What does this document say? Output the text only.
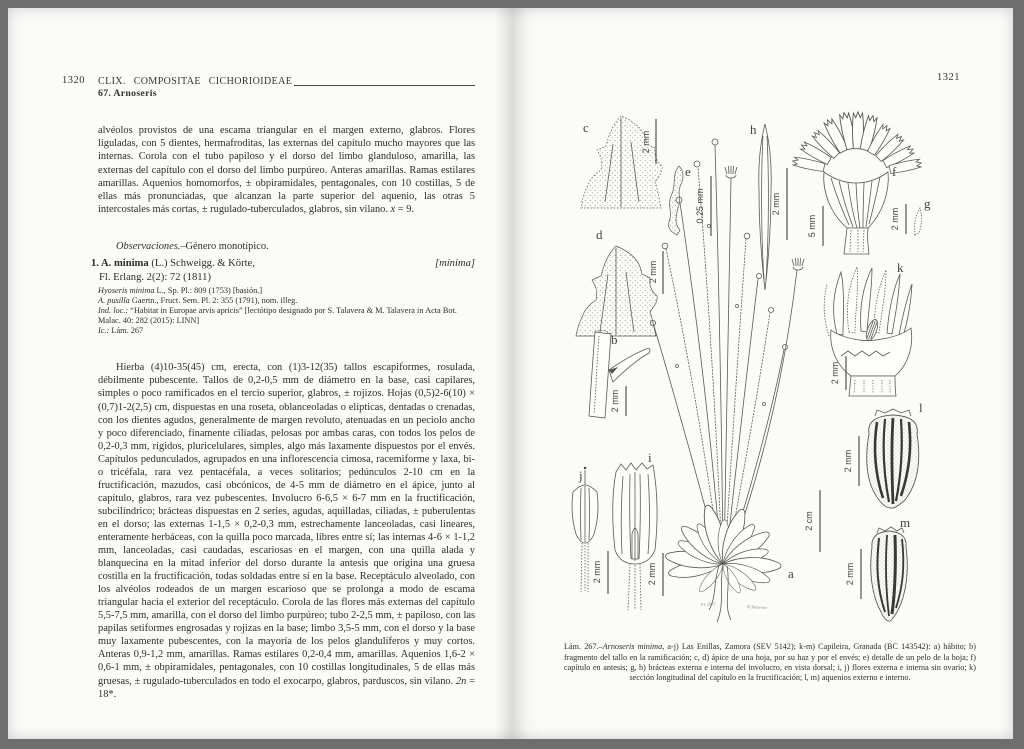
1320 CLIX. COMPOSITAE CICHORIOIDEAE
67. Arnoseris

alvéolos provistos de una escama triangular en el margen externo, glabros. Flores liguladas, con 5 dientes, hermafroditas, las externas del capítulo mucho mayores que las internas. Corola con el tubo papiloso y el dorso del limbo glanduloso, amarilla, las externas del capítulo con el dorso del limbo purpúreo. Anteras amarillas. Ramas estilares amarillas. Aquenios homomorfos, ± obpiramidales, pentagonales, con 10 costillas, 5 de ellas más pronunciadas, que alcanzan la parte superior del aquenio, las otras 5 intercostales más cortas, ± rugulado-tuberculados, glabros, sin vilano. x = 9.

Observaciones.–Género monotípico.

1. A. minima (L.) Schweigg. & Körte,	[mínima]
Fl. Erlang. 2(2): 72 (1811)

Hyoseris minima L., Sp. Pl.: 809 (1753) [basión.]

A. pusilla Gaertn., Fruct. Sem. Pl. 2: 355 (1791), nom. illeg.

Ind. loc.: “Habitat in Europae arvis apricis” [lectótipo designado por S. Talavera & M. Talavera in Acta Bot. Malac. 40: 282 (2015): LINN]

Ic.: Lám. 267

Hierba (4)10-35(45) cm, erecta, con (1)3-12(35) tallos escapiformes, rosulada, débilmente pubescente. Tallos de 0,2-0,5 mm de diámetro en la base, casi capilares, simples o poco ramificados en el tercio superior, glabros, ± rojizos. Hojas (0,5)2-6(10) × (0,7)1-2(2,5) cm, dispuestas en una roseta, oblanceoladas o elípticas, dentadas o crenadas, con los dientes agudos, generalmente de margen revoluto, atenuadas en un peciolo ancho y poco diferenciado, finamente ciliadas, pelosas por ambas caras, con todos los pelos de 0,2-0,3 mm, rígidos, pluricelulares, simples, algo más laxamente dispuestos por el envés. Capítulos pedunculados, agrupados en una inflorescencia cimosa, racemiforme y laxa, bi- o tricéfala, rara vez pentacéfala, a veces solitarios; pedúnculos 2-10 cm en la fructificación, mazudos, casi obcónicos, de 4-5 mm de diámetro en el ápice, junto al capítulo, glabros, rara vez pubescentes. Involucro 6-6,5 × 6-7 mm en la fructificación, subcilíndrico; brácteas dispuestas en 2 series, agudas, aquilladas, ciliadas, ± puberulentas en el dorso; las externas 1-1,5 × 0,2-0,3 mm, estrechamente lanceoladas, casi lineares, enteramente herbáceas, con la quilla poco marcada, libres entre sí; las internas 4-6 × 1-1,2 mm, lanceoladas, casi caudadas, escariosas en el margen, con una quilla alada y blanquecina en la mitad inferior del dorso durante la antesis que origina una gruesa costilla en la fructificación, todas soldadas entre sí en la base. Receptáculo alveolado, con los alvéolos rodeados de un margen escarioso que se prolonga a modo de escama triangular hacia el exterior del receptáculo. Corola de las flores más externas del capítulo 5,5-7,5 mm, amarilla, con el dorso del limbo purpúreo; tubo 2-2,5 mm, ± papiloso, con las papilas setiformes engrosadas y rojizas en la base; limbo 3,5-5 mm, con el dorso y la base muy laxamente pubescentes, con la mayoría de los pelos glandulíferos y muy cortos. Anteras 0,9-1,2 mm, amarillas. Ramas estilares 0,2-0,4 mm, amarillas. Aquenios 1,6-2 × 0,6-1 mm, ± obpiramidales, pentagonales, con 10 costillas longitudinales, 5 de ellas más gruesas, ± rugulado-tuberculados en todo el exocarpo, glabros, parduscos, sin vilano. 2n = 18*.

1321
c
2 mm
e
0.25 mm
d
2 mm
b
2 mm
j
2 mm
i
2 mm	a
2 cm
Fe 2015
R.Talavera
h
2 mm
f
5 mm
g
2 mm
k
2 mm
l
2 mm
m
2 mm

Lám. 267.–Arnoseris minima, a-j) Las Enillas, Zamora (SEV 5142); k-m) Capileira, Granada (BC 143542): a) hábito; b) fragmento del tallo en la ramificación; c, d) ápice de una hoja, por su haz y por el envés; e) detalle de un pelo de la hoja; f) capítulo en antesis; g, h) brácteas externa e interna del involucro, en vista dorsal; i, j) flores externa e interna sin ovario; k) sección longitudinal del capítulo en la fructificación; l, m) aquenios externo e interno.
